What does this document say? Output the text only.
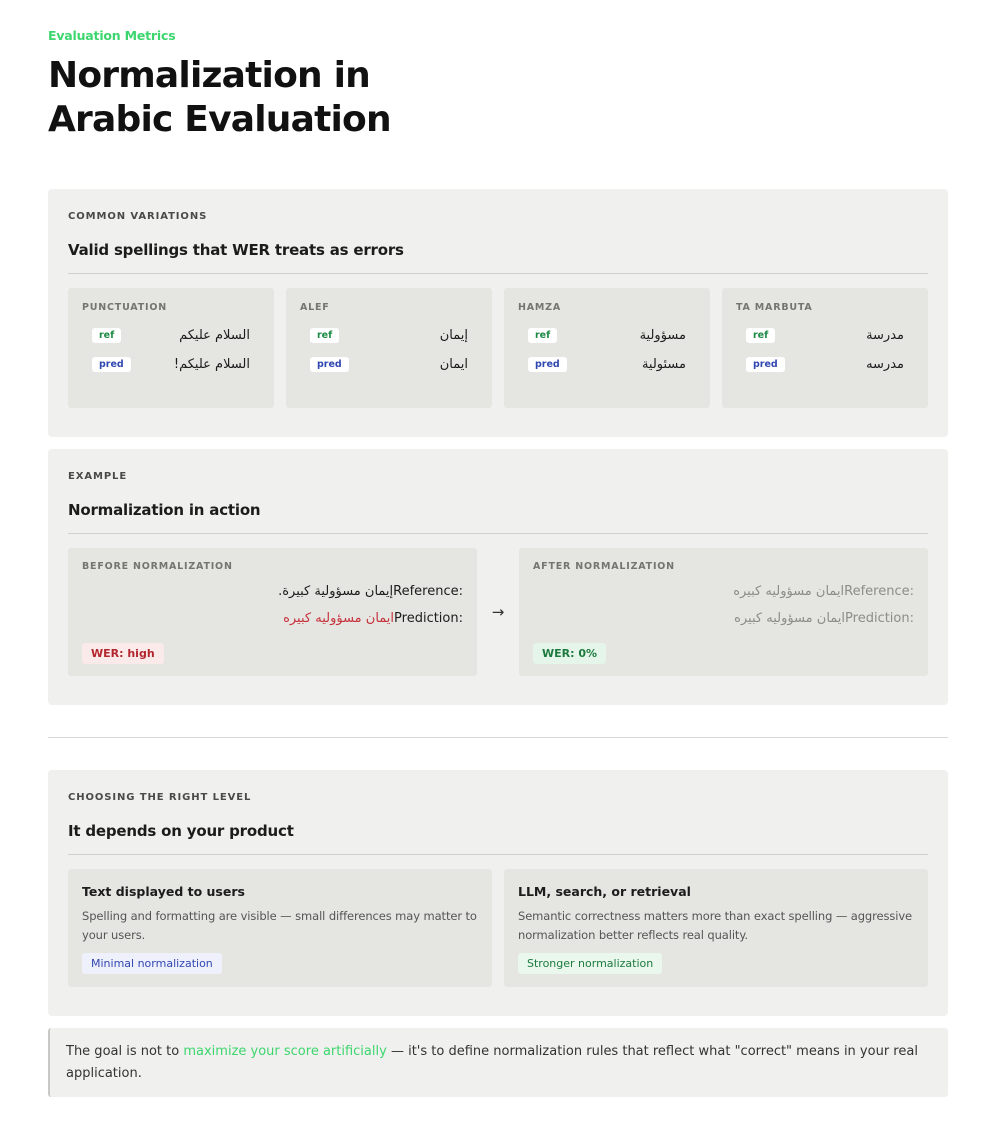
Evaluation Metrics
Normalization in
Arabic Evaluation
COMMON VARIATIONS
Valid spellings that WER treats as errors
PUNCTUATION
ref	السلام عليكم
pred	السلام عليكم!
ALEF
ref	إيمان
pred	ايمان
HAMZA
ref	مسؤولية
pred	مسئولية
TA MARBUTA
ref	مدرسة
pred	مدرسه
EXAMPLE
Normalization in action
BEFORE NORMALIZATION
إيمان مسؤولية كبيرة.Reference:
ايمان مسؤوليه كبيرهPrediction:
WER: high
→
AFTER NORMALIZATION
ايمان مسؤوليه كبيرهReference:
ايمان مسؤوليه كبيرهPrediction:
WER: 0%
CHOOSING THE RIGHT LEVEL
It depends on your product
Text displayed to users
Spelling and formatting are visible — small differences may matter to your users.
Minimal normalization
LLM, search, or retrieval
Semantic correctness matters more than exact spelling — aggressive normalization better reflects real quality.
Stronger normalization
The goal is not to maximize your score artificially — it's to define normalization rules that reflect what "correct" means in your real application.
